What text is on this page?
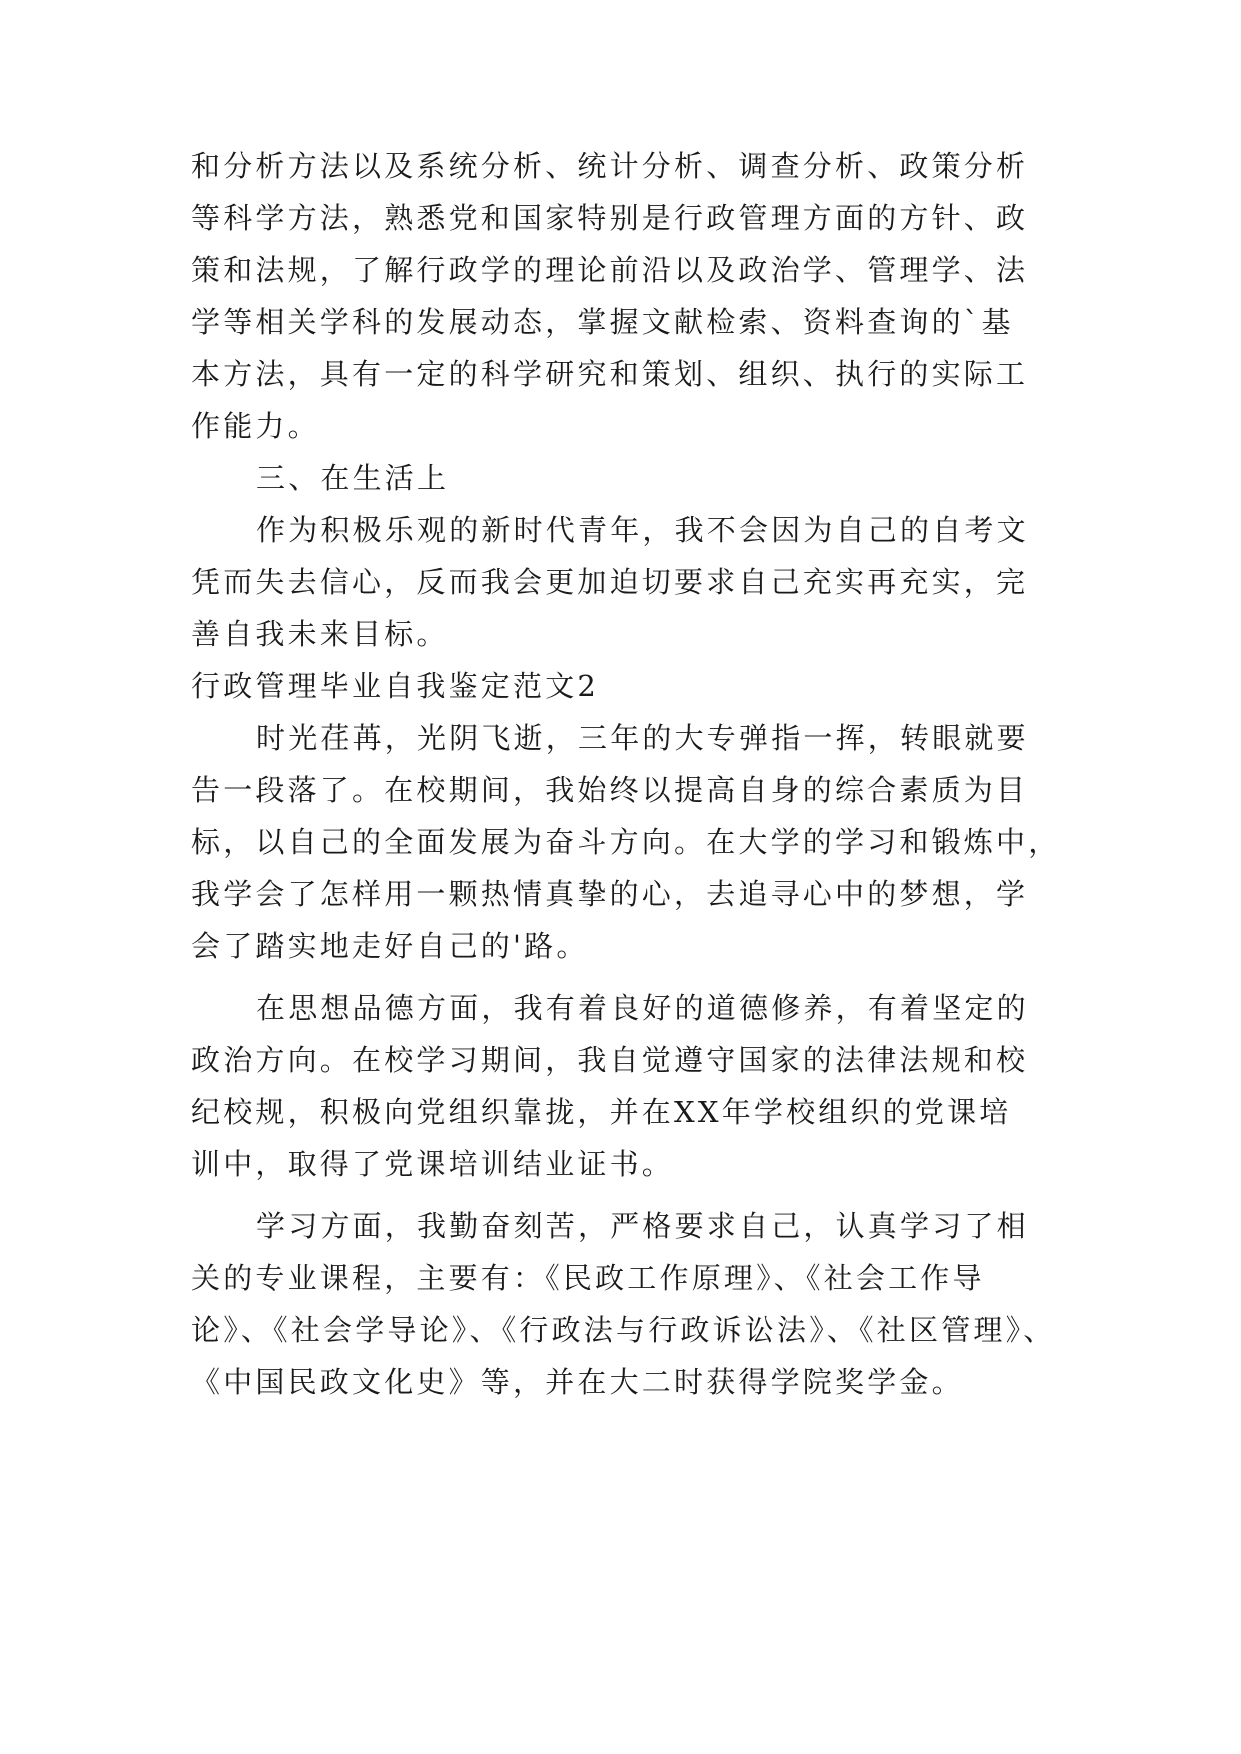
和分析方法以及系统分析、统计分析、调查分析、政策分析

等科学方法，熟悉党和国家特别是行政管理方面的方针、政

策和法规，了解行政学的理论前沿以及政治学、管理学、法

学等相关学科的发展动态，掌握文献检索、资料查询的`基

本方法，具有一定的科学研究和策划、组织、执行的实际工

作能力。

三、在生活上

作为积极乐观的新时代青年，我不会因为自己的自考文

凭而失去信心，反而我会更加迫切要求自己充实再充实，完

善自我未来目标。

行政管理毕业自我鉴定范文2

时光荏苒，光阴飞逝，三年的大专弹指一挥，转眼就要

告一段落了。在校期间，我始终以提高自身的综合素质为目

标，以自己的全面发展为奋斗方向。在大学的学习和锻炼中，

我学会了怎样用一颗热情真挚的心，去追寻心中的梦想，学

会了踏实地走好自己的'路。

在思想品德方面，我有着良好的道德修养，有着坚定的

政治方向。在校学习期间，我自觉遵守国家的法律法规和校

纪校规，积极向党组织靠拢，并在XX年学校组织的党课培

训中，取得了党课培训结业证书。

学习方面，我勤奋刻苦，严格要求自己，认真学习了相

关的专业课程，主要有：《民政工作原理》、《社会工作导

论》、《社会学导论》、《行政法与行政诉讼法》、《社区管理》、

《中国民政文化史》等，并在大二时获得学院奖学金。
